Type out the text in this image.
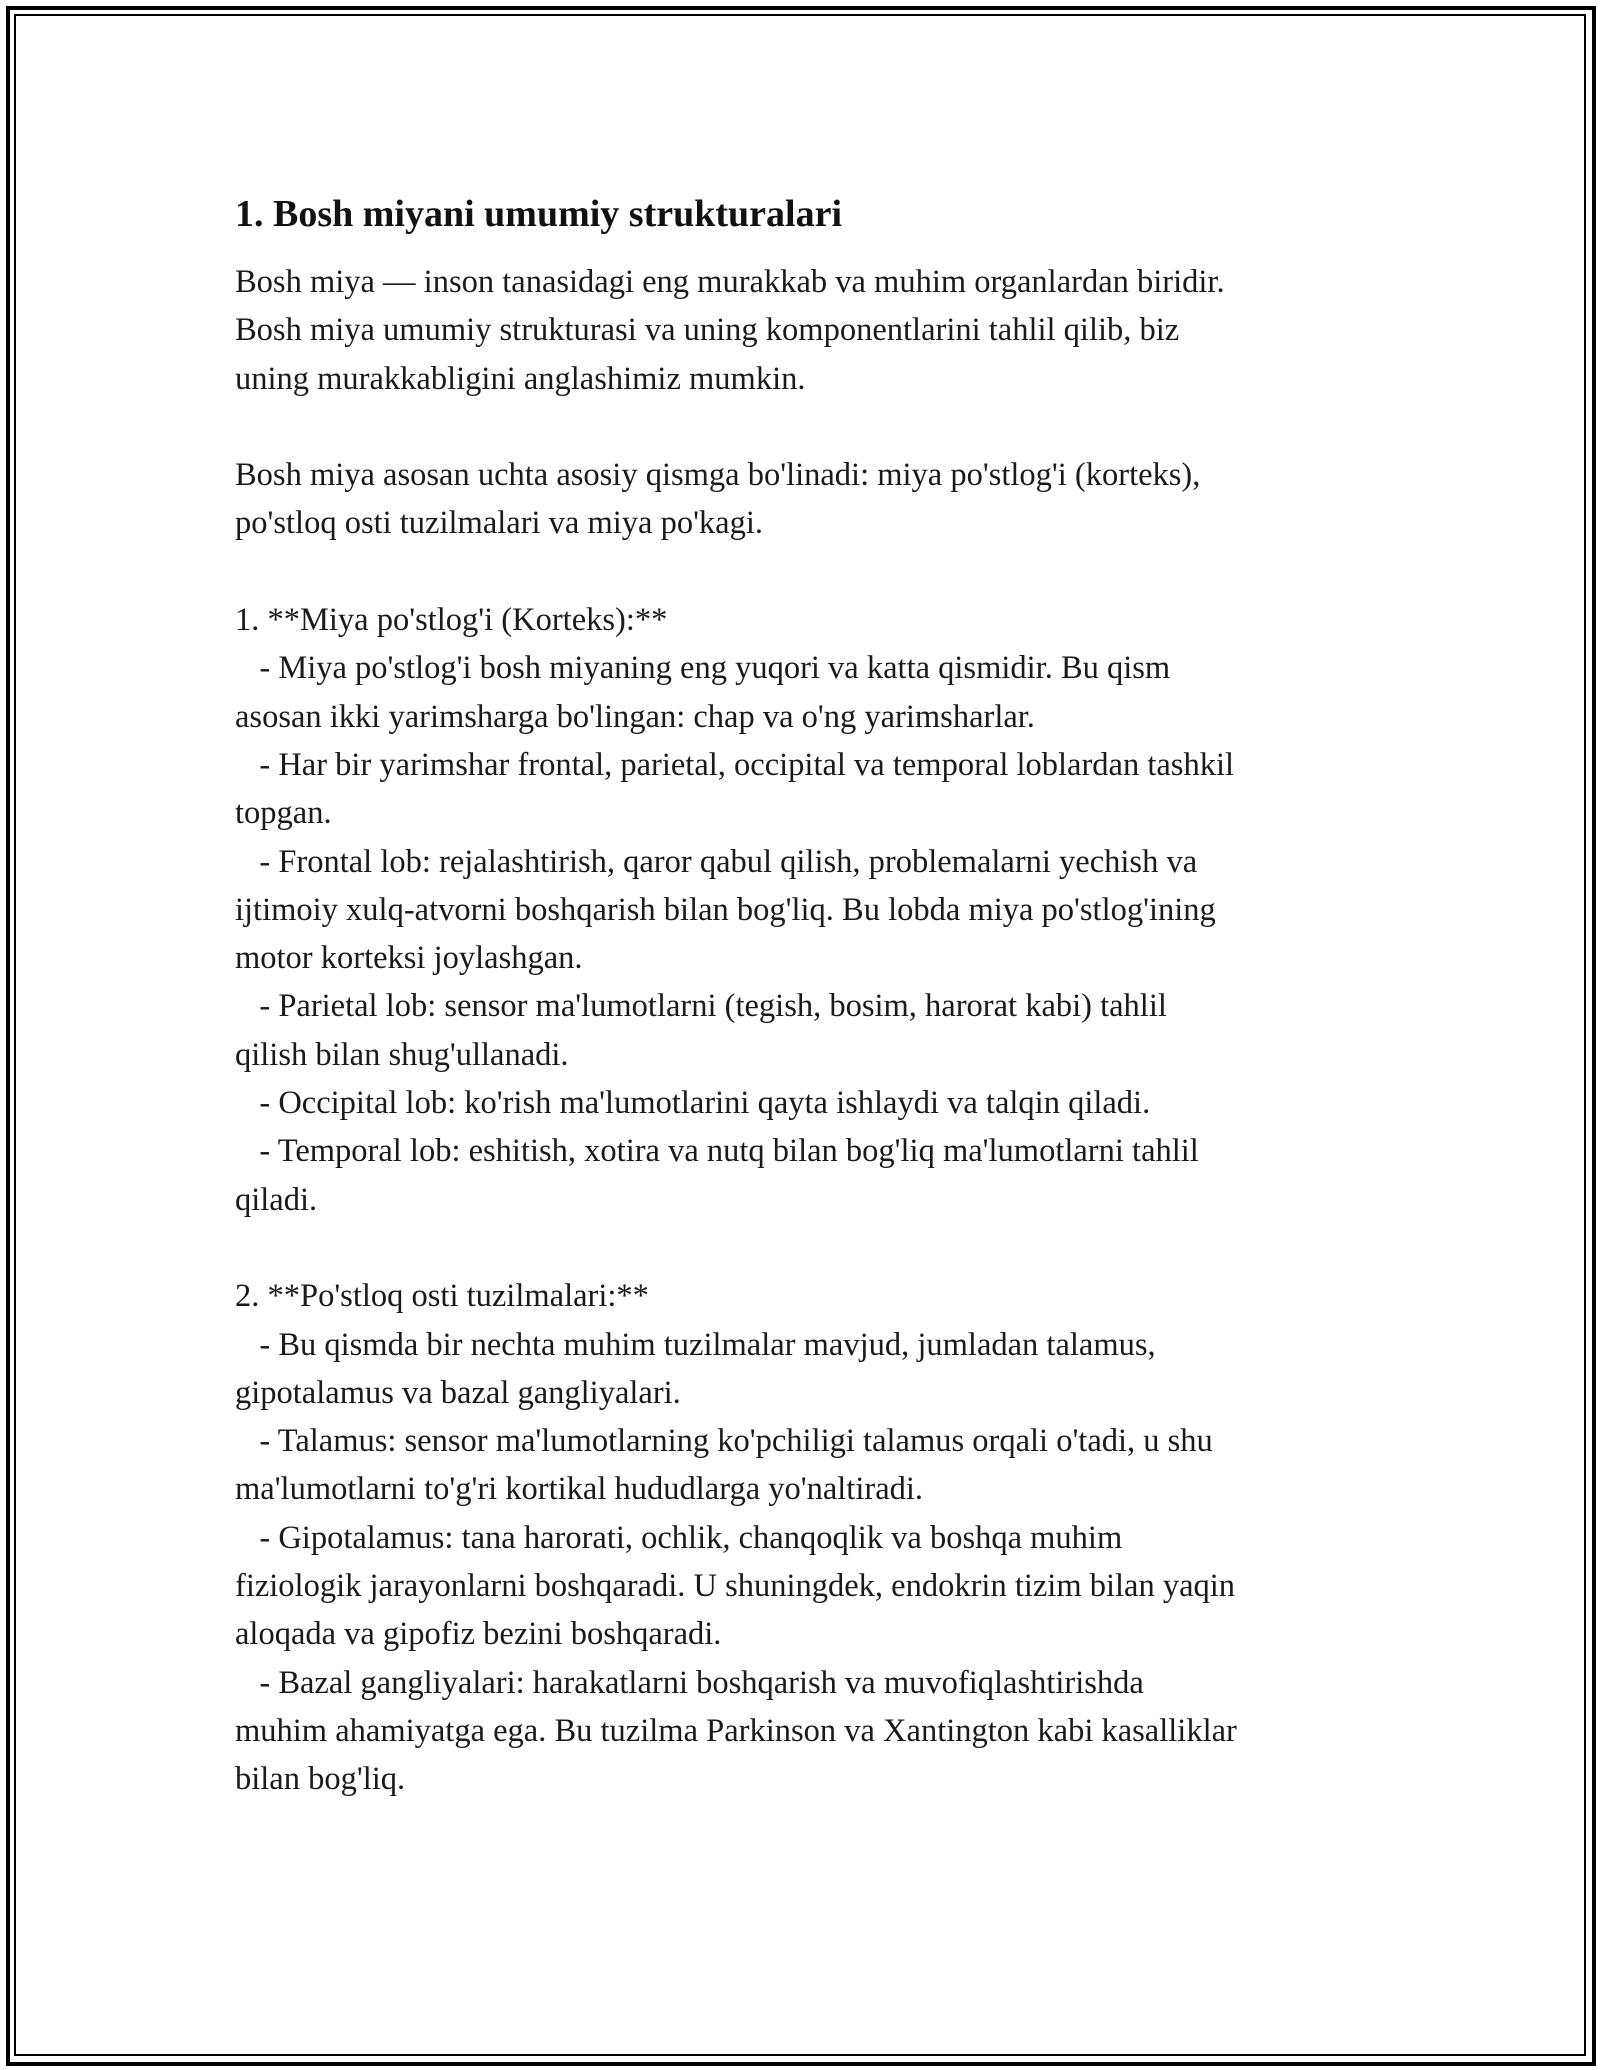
1. Bosh miyani umumiy strukturalari
Bosh miya — inson tanasidagi eng murakkab va muhim organlardan biridir.
Bosh miya umumiy strukturasi va uning komponentlarini tahlil qilib, biz
uning murakkabligini anglashimiz mumkin.
Bosh miya asosan uchta asosiy qismga bo'linadi: miya po'stlog'i (korteks),
po'stloq osti tuzilmalari va miya po'kagi.
1. **Miya po'stlog'i (Korteks):**
- Miya po'stlog'i bosh miyaning eng yuqori va katta qismidir. Bu qism
asosan ikki yarimsharga bo'lingan: chap va o'ng yarimsharlar.
- Har bir yarimshar frontal, parietal, occipital va temporal loblardan tashkil
topgan.
- Frontal lob: rejalashtirish, qaror qabul qilish, problemalarni yechish va
ijtimoiy xulq-atvorni boshqarish bilan bog'liq. Bu lobda miya po'stlog'ining
motor korteksi joylashgan.
- Parietal lob: sensor ma'lumotlarni (tegish, bosim, harorat kabi) tahlil
qilish bilan shug'ullanadi.
- Occipital lob: ko'rish ma'lumotlarini qayta ishlaydi va talqin qiladi.
- Temporal lob: eshitish, xotira va nutq bilan bog'liq ma'lumotlarni tahlil
qiladi.
2. **Po'stloq osti tuzilmalari:**
- Bu qismda bir nechta muhim tuzilmalar mavjud, jumladan talamus,
gipotalamus va bazal gangliyalari.
- Talamus: sensor ma'lumotlarning ko'pchiligi talamus orqali o'tadi, u shu
ma'lumotlarni to'g'ri kortikal hududlarga yo'naltiradi.
- Gipotalamus: tana harorati, ochlik, chanqoqlik va boshqa muhim
fiziologik jarayonlarni boshqaradi. U shuningdek, endokrin tizim bilan yaqin
aloqada va gipofiz bezini boshqaradi.
- Bazal gangliyalari: harakatlarni boshqarish va muvofiqlashtirishda
muhim ahamiyatga ega. Bu tuzilma Parkinson va Xantington kabi kasalliklar
bilan bog'liq.
